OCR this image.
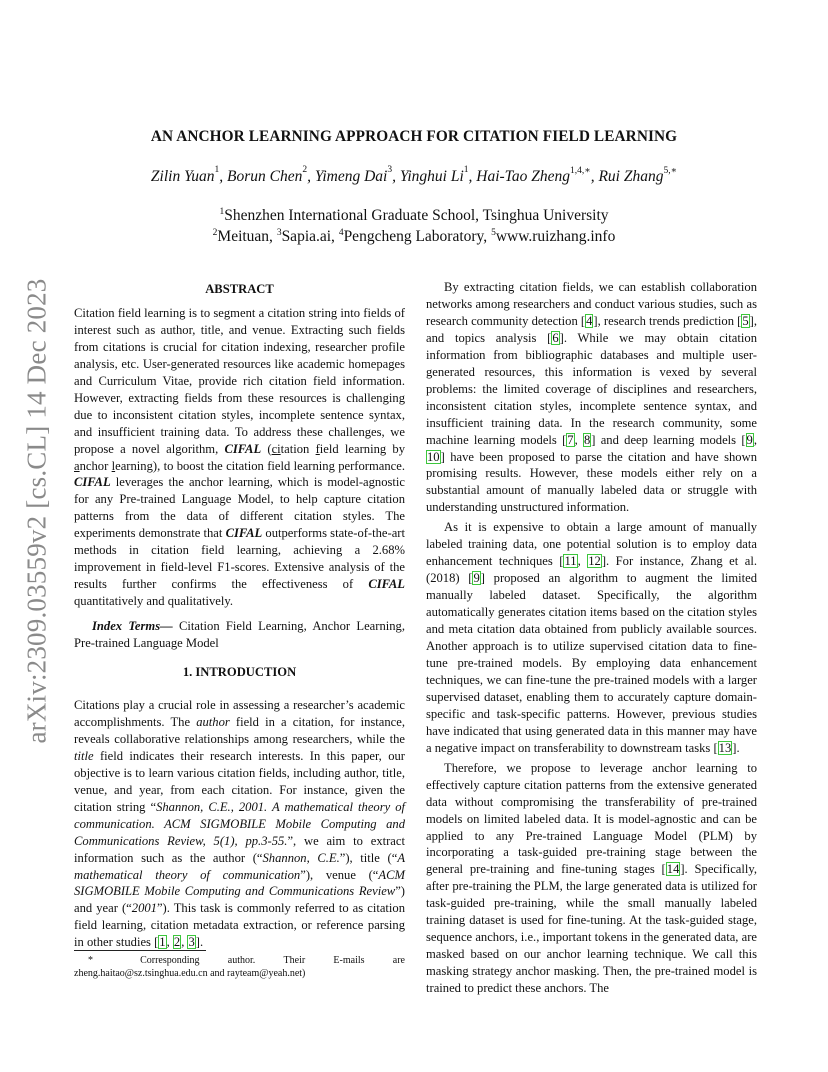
arXiv:2309.03559v2 [cs.CL] 14 Dec 2023
AN ANCHOR LEARNING APPROACH FOR CITATION FIELD LEARNING
Zilin Yuan$^1$, Borun Chen$^2$, Yimeng Dai$^3$, Yinghui Li$^1$, Hai-Tao Zheng$^{1,4,∗}$, Rui Zhang$^{5,∗}$
$^1$Shenzhen International Graduate School, Tsinghua University
$^2$Meituan, $^3$Sapia.ai, $^4$Pengcheng Laboratory, $^5$www.ruizhang.info
ABSTRACT

Citation field learning is to segment a citation string into fields of interest such as author, title, and venue. Extracting such fields from citations is crucial for citation indexing, researcher profile analysis, etc. User-generated resources like academic homepages and Curriculum Vitae, provide rich citation field information. However, extracting fields from these resources is challenging due to inconsistent citation styles, incomplete sentence syntax, and insufficient training data. To address these challenges, we propose a novel algorithm, CIFAL (citation field learning by anchor learning), to boost the citation field learning performance. CIFAL leverages the anchor learning, which is model-agnostic for any Pre-trained Language Model, to help capture citation patterns from the data of different citation styles. The experiments demonstrate that CIFAL outperforms state-of-the-art methods in citation field learning, achieving a 2.68% improvement in field-level F1-scores. Extensive analysis of the results further confirms the effectiveness of CIFAL quantitatively and qualitatively.

Index Terms— Citation Field Learning, Anchor Learning, Pre-trained Language Model

1. INTRODUCTION

Citations play a crucial role in assessing a researcher’s academic accomplishments. The author field in a citation, for instance, reveals collaborative relationships among researchers, while the title field indicates their research interests. In this paper, our objective is to learn various citation fields, including author, title, venue, and year, from each citation. For instance, given the citation string “Shannon, C.E., 2001. A mathematical theory of communication. ACM SIGMOBILE Mobile Computing and Communications Review, 5(1), pp.3-55.”, we aim to extract information such as the author (“Shannon, C.E.”), title (“A mathematical theory of communication”), venue (“ACM SIGMOBILE Mobile Computing and Communications Review”) and year (“2001”). This task is commonly referred to as citation field learning, citation metadata extraction, or reference parsing in other studies [1, 2, 3].

*     Corresponding   author.   Their   E-mails   are
zheng.haitao@sz.tsinghua.edu.cn and rayteam@yeah.net)

By extracting citation fields, we can establish collaboration networks among researchers and conduct various studies, such as research community detection [4], research trends prediction [5], and topics analysis [6]. While we may obtain citation information from bibliographic databases and multiple user-generated resources, this information is vexed by several problems: the limited coverage of disciplines and researchers, inconsistent citation styles, incomplete sentence syntax, and insufficient training data. In the research community, some machine learning models [7, 8] and deep learning models [9, 10] have been proposed to parse the citation and have shown promising results. However, these models either rely on a substantial amount of manually labeled data or struggle with understanding unstructured information.

As it is expensive to obtain a large amount of manually labeled training data, one potential solution is to employ data enhancement techniques [11, 12]. For instance, Zhang et al.(2018) [9] proposed an algorithm to augment the limited manually labeled dataset. Specifically, the algorithm automatically generates citation items based on the citation styles and meta citation data obtained from publicly available sources. Another approach is to utilize supervised citation data to fine-tune pre-trained models. By employing data enhancement techniques, we can fine-tune the pre-trained models with a larger supervised dataset, enabling them to accurately capture domain-specific and task-specific patterns. However, previous studies have indicated that using generated data in this manner may have a negative impact on transferability to downstream tasks [13].

Therefore, we propose to leverage anchor learning to effectively capture citation patterns from the extensive generated data without compromising the transferability of pre-trained models on limited labeled data. It is model-agnostic and can be applied to any Pre-trained Language Model (PLM) by incorporating a task-guided pre-training stage between the general pre-training and fine-tuning stages [14]. Specifically, after pre-training the PLM, the large generated data is utilized for task-guided pre-training, while the small manually labeled training dataset is used for fine-tuning. At the task-guided stage, sequence anchors, i.e., important tokens in the generated data, are masked based on our anchor learning technique. We call this masking strategy anchor masking. Then, the pre-trained model is trained to predict these anchors. The
